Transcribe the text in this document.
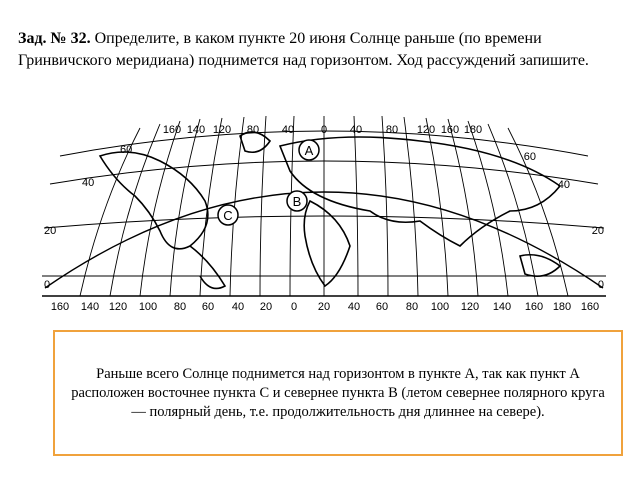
Зад. № 32. Определите, в каком пункте 20 июня Солнце раньше (по времени Гринвичского меридиана) поднимется над горизонтом. Ход рассуждений запишите.
A
B
C
160 140 120 80 40 0 40 80 120 160 180
160 140 120 100 80 60 40 20 0 20 40 60 80 100 120 140 160 180 160
60
40
20
0
60
40
20
0
Раньше всего Солнце поднимется над горизонтом в пункте А, так как пункт А расположен восточнее пункта С и севернее пункта В (летом севернее полярного круга — полярный день, т.е. продолжительность дня длиннее на севере).
